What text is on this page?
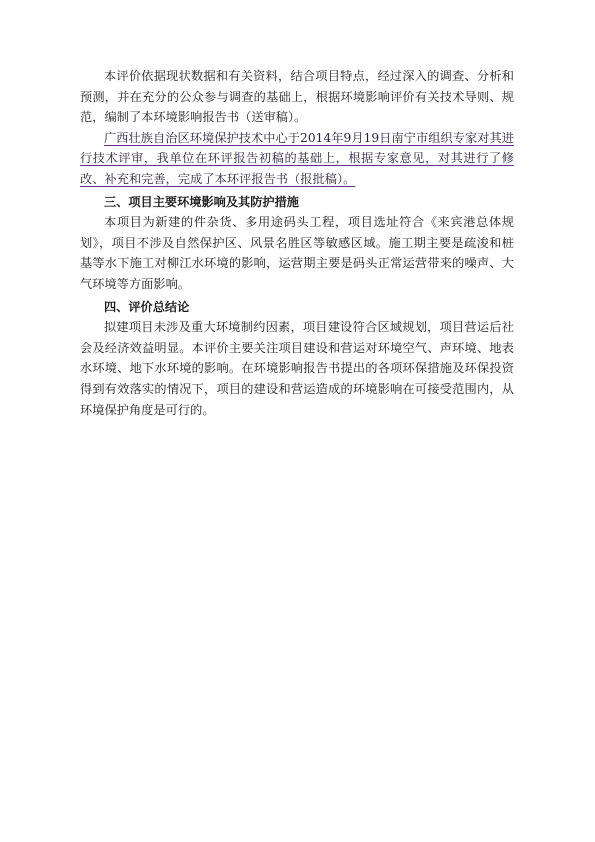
本评价依据现状数据和有关资料，结合项目特点，经过深入的调查、分析和预测，并在充分的公众参与调查的基础上，根据环境影响评价有关技术导则、规范，编制了本环境影响报告书（送审稿）。

广西壮族自治区环境保护技术中心于2014年9月19日南宁市组织专家对其进行技术评审，我单位在环评报告初稿的基础上，根据专家意见，对其进行了修改、补充和完善，完成了本环评报告书（报批稿）。

三、项目主要环境影响及其防护措施

本项目为新建的件杂货、多用途码头工程，项目选址符合《来宾港总体规划》，项目不涉及自然保护区、风景名胜区等敏感区域。施工期主要是疏浚和桩基等水下施工对柳江水环境的影响，运营期主要是码头正常运营带来的噪声、大气环境等方面影响。

四、评价总结论

拟建项目未涉及重大环境制约因素，项目建设符合区域规划，项目营运后社会及经济效益明显。本评价主要关注项目建设和营运对环境空气、声环境、地表水环境、地下水环境的影响。在环境影响报告书提出的各项环保措施及环保投资得到有效落实的情况下，项目的建设和营运造成的环境影响在可接受范围内，从环境保护角度是可行的。
